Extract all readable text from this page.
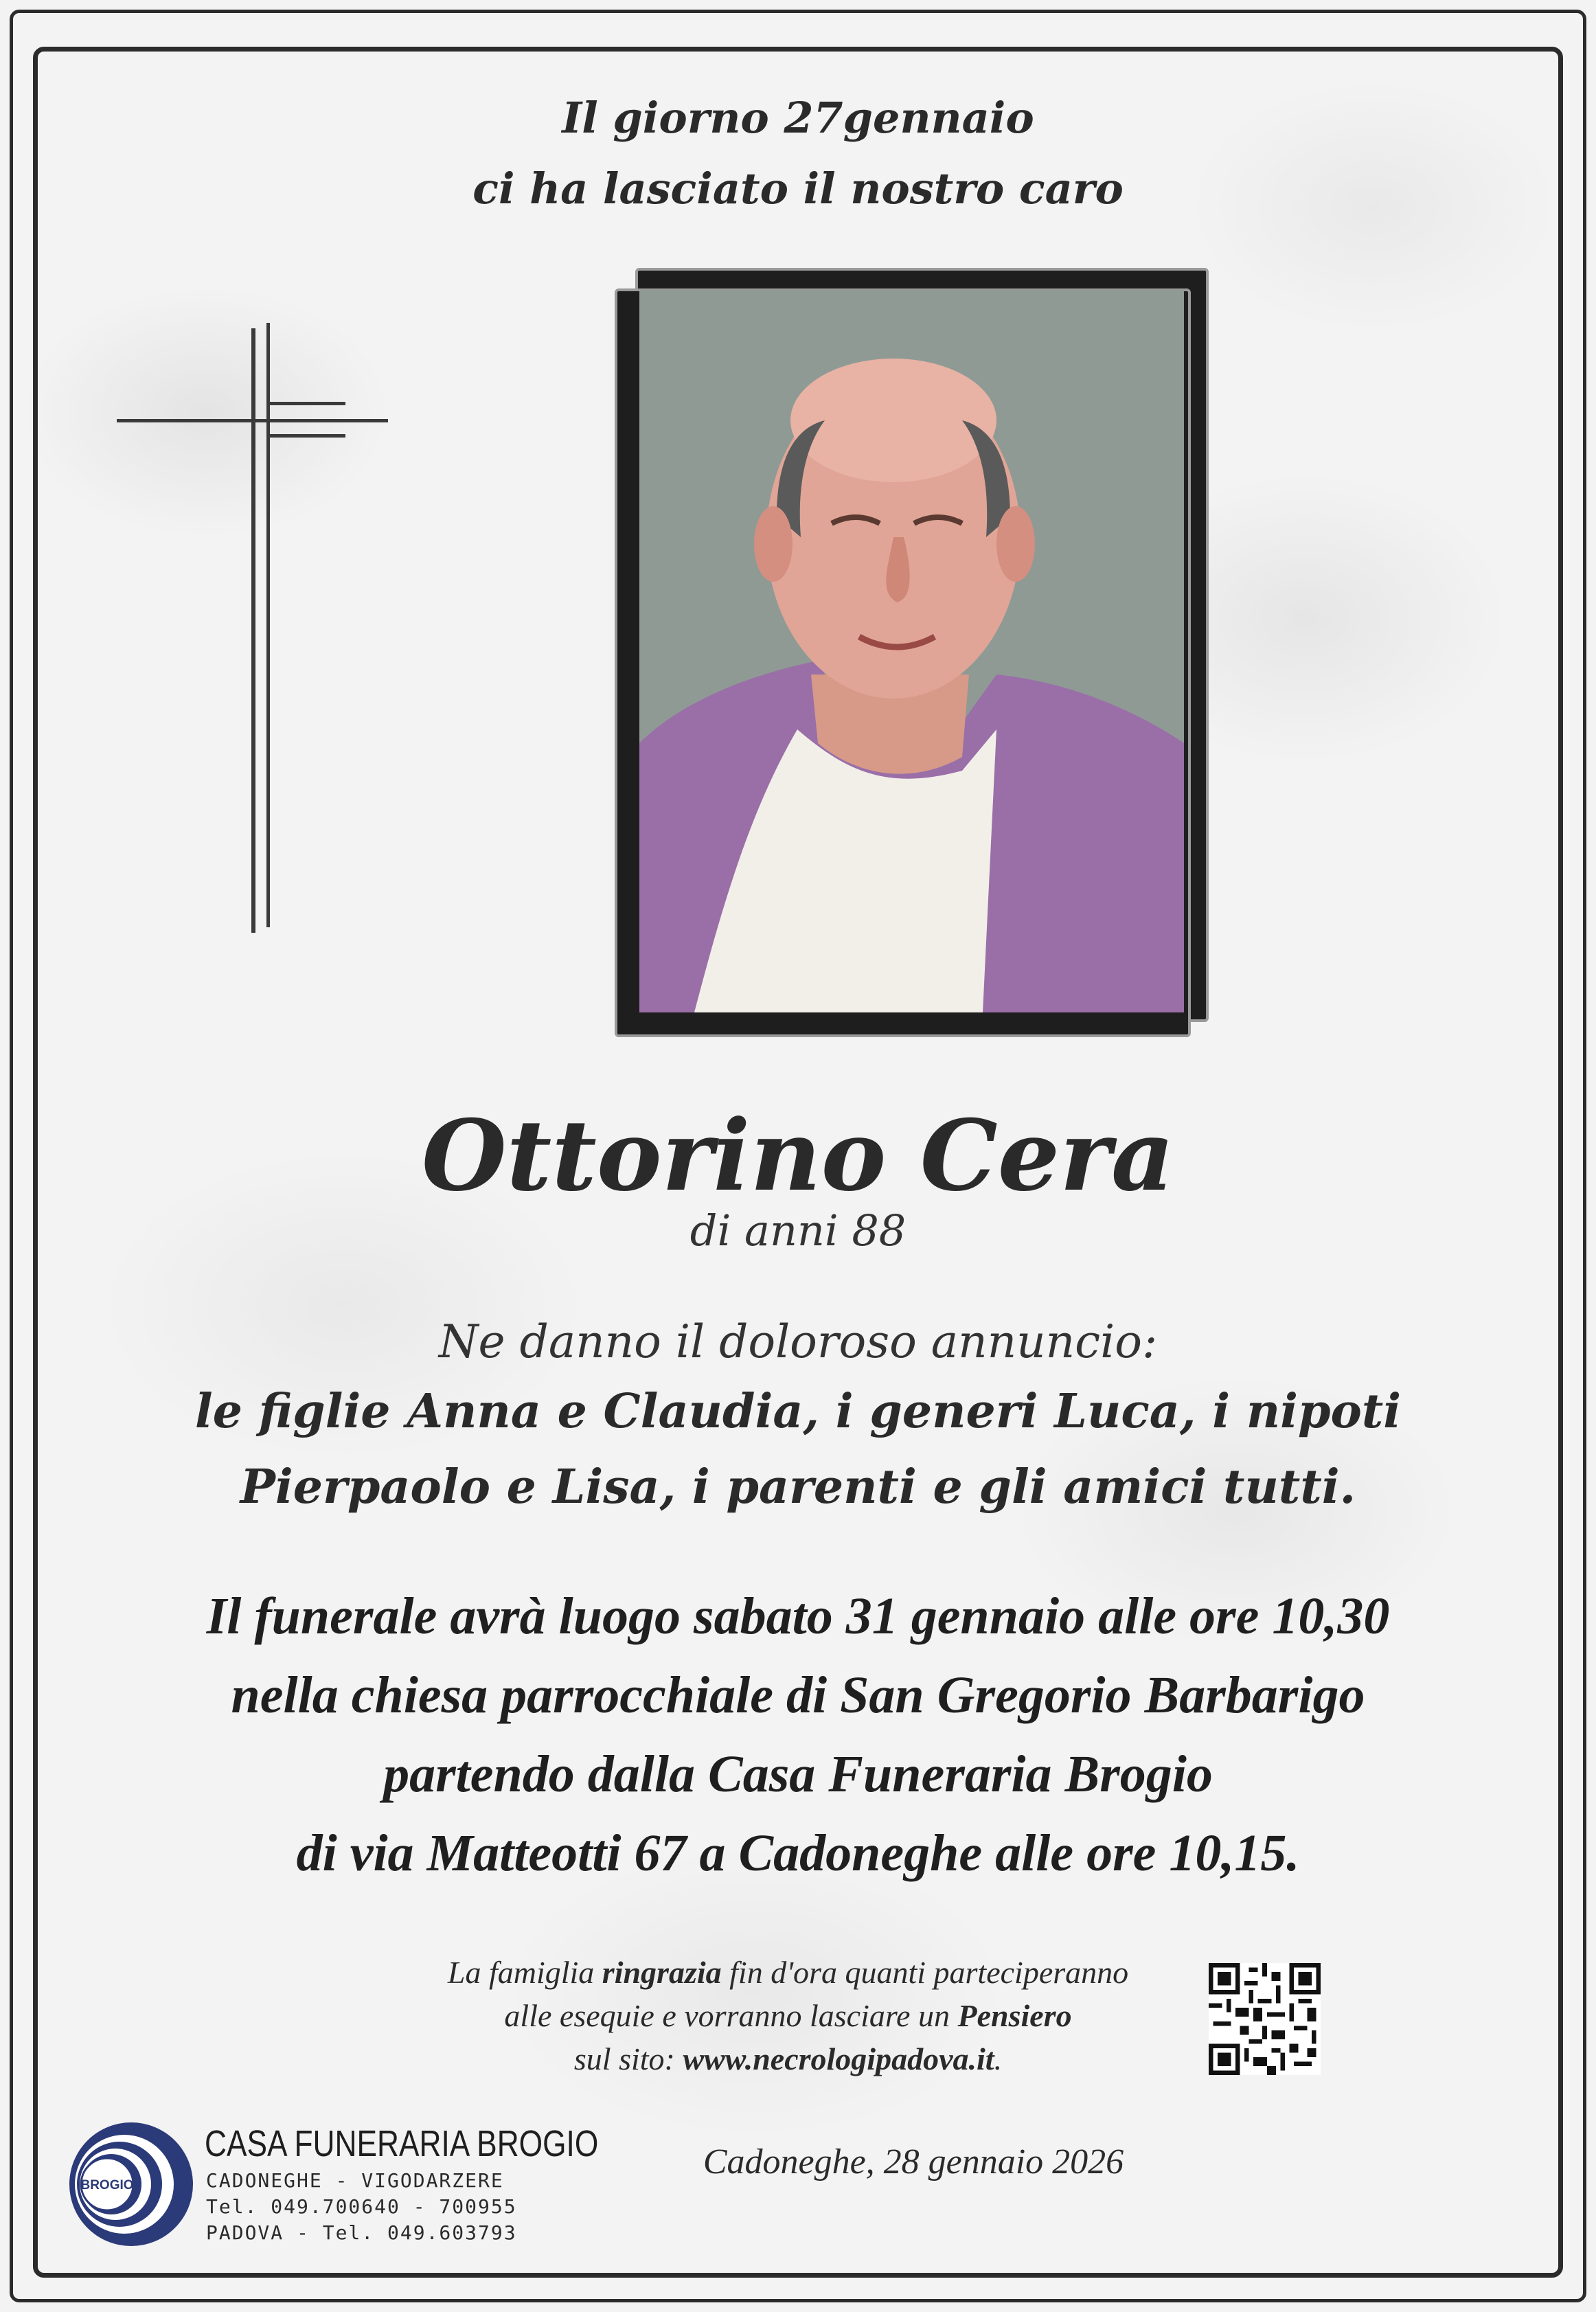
Il giorno 27gennaio
ci ha lasciato il nostro caro
Ottorino Cera
di anni 88
Ne danno il doloroso annuncio:
le figlie Anna e Claudia, i generi Luca, i nipoti
Pierpaolo e Lisa, i parenti e gli amici tutti.
Il funerale avrà luogo sabato 31 gennaio alle ore 10,30
nella chiesa parrocchiale di San Gregorio Barbarigo
partendo dalla Casa Funeraria Brogio
di via Matteotti 67 a Cadoneghe alle ore 10,15.
La famiglia ringrazia fin d'ora quanti parteciperanno
alle esequie e vorranno lasciare un Pensiero
sul sito: www.necrologipadova.it.
BROGIO
CASA FUNERARIA BROGIO
CADONEGHE - VIGODARZERE
Tel. 049.700640 - 700955
PADOVA - Tel. 049.603793
Cadoneghe, 28 gennaio 2026
